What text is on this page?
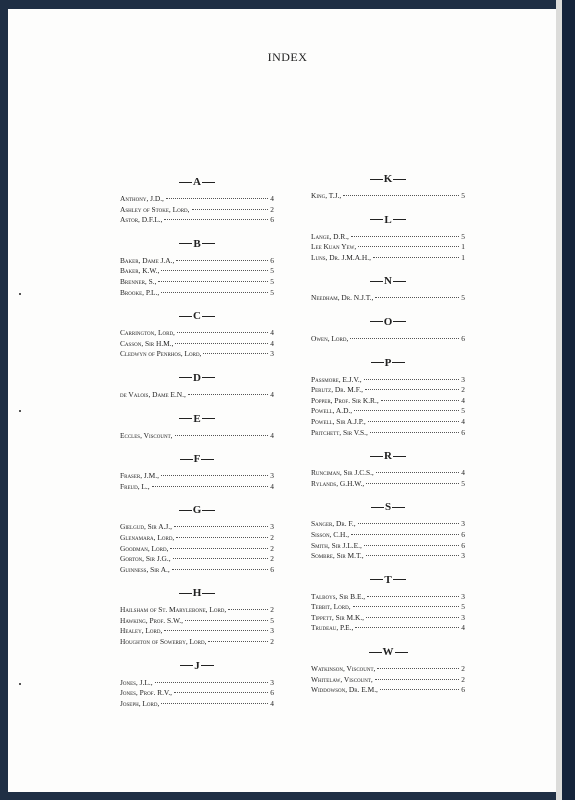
INDEX
A
Anthony, J.D.,	4
Ashley of Stoke, Lord,	2
Astor, D.F.L.,	6
B
Baker, Dame J.A.,	6
Baker, K.W.,	5
Brenner, S.,	5
Brooke, P.L.,	5
C
Carrington, Lord,	4
Casson, Sir H.M.,	4
Cledwyn of Penrhos, Lord,	3
D
de Valois, Dame E.N.,	4
E
Eccles, Viscount,	4
F
Fraser, J.M.,	3
Freud, L.,	4
G
Gielgud, Sir A.J.,	3
Glenamara, Lord,	2
Goodman, Lord,	2
Gorton, Sir J.G.,	2
Guinness, Sir A.,	6
H
Hailsham of St. Marylebone, Lord,	2
Hawking, Prof. S.W.,	5
Healey, Lord,	3
Houghton of Sowerby, Lord,	2
J
Jones, J.L.,	3
Jones, Prof. R.V.,	6
Joseph, Lord,	4
K
King, T.J.,	5
L
Lange, D.R.,	5
Lee Kuan Yew,	1
Luns, Dr. J.M.A.H.,	1
N
Needham, Dr. N.J.T.,	5
O
Owen, Lord,	6
P
Passmore, E.J.V.,	3
Perutz, Dr. M.F.,	2
Popper, Prof. Sir K.R.,	4
Powell, A.D.,	5
Powell, Sir A.J.P.,	4
Pritchett, Sir V.S.,	6
R
Runciman, Sir J.C.S.,	4
Rylands, G.H.W.,	5
S
Sanger, Dr. F.,	3
Sisson, C.H.,	6
Smith, Sir J.L.E.,	6
Sombre, Sir M.T.,	3
T
Talboys, Sir B.E.,	3
Tebbit, Lord,	5
Tippett, Sir M.K.,	3
Trudeau, P.E.,	4
W
Watkinson, Viscount,	2
Whitelaw, Viscount,	2
Widdowson, Dr. E.M.,	6
